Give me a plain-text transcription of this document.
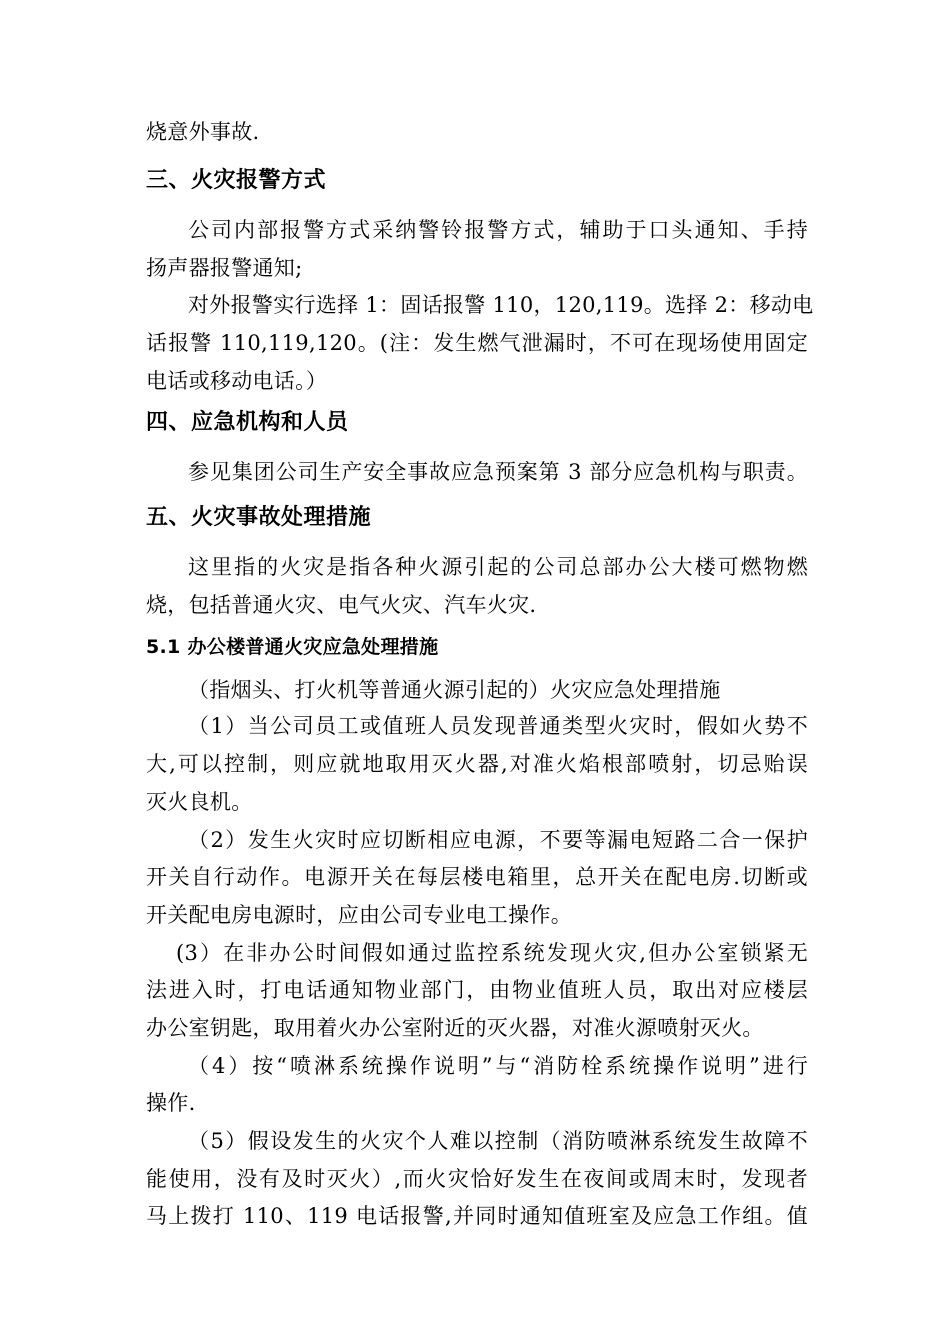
烧意外事故.
三、火灾报警方式
公司内部报警方式采纳警铃报警方式，辅助于口头通知、手持
扬声器报警通知;
对外报警实行选择 1：固话报警 110，120,119。选择 2：移动电
话报警 110,119,120。(注：发生燃气泄漏时，不可在现场使用固定
电话或移动电话。）
四、应急机构和人员
参见集团公司生产安全事故应急预案第 3 部分应急机构与职责。
五、火灾事故处理措施
这里指的火灾是指各种火源引起的公司总部办公大楼可燃物燃
烧，包括普通火灾、电气火灾、汽车火灾.
5.1 办公楼普通火灾应急处理措施
（指烟头、打火机等普通火源引起的）火灾应急处理措施
（1）当公司员工或值班人员发现普通类型火灾时，假如火势不
大,可以控制，则应就地取用灭火器,对准火焰根部喷射，切忌贻误
灭火良机。
（2）发生火灾时应切断相应电源，不要等漏电短路二合一保护
开关自行动作。电源开关在每层楼电箱里，总开关在配电房.切断或
开关配电房电源时，应由公司专业电工操作。
(3）在非办公时间假如通过监控系统发现火灾,但办公室锁紧无
法进入时，打电话通知物业部门，由物业值班人员，取出对应楼层
办公室钥匙，取用着火办公室附近的灭火器，对准火源喷射灭火。
（4）按“喷淋系统操作说明”与“消防栓系统操作说明”进行
操作.
（5）假设发生的火灾个人难以控制（消防喷淋系统发生故障不
能使用，没有及时灭火）,而火灾恰好发生在夜间或周末时，发现者
马上拨打 110、119 电话报警,并同时通知值班室及应急工作组。值
